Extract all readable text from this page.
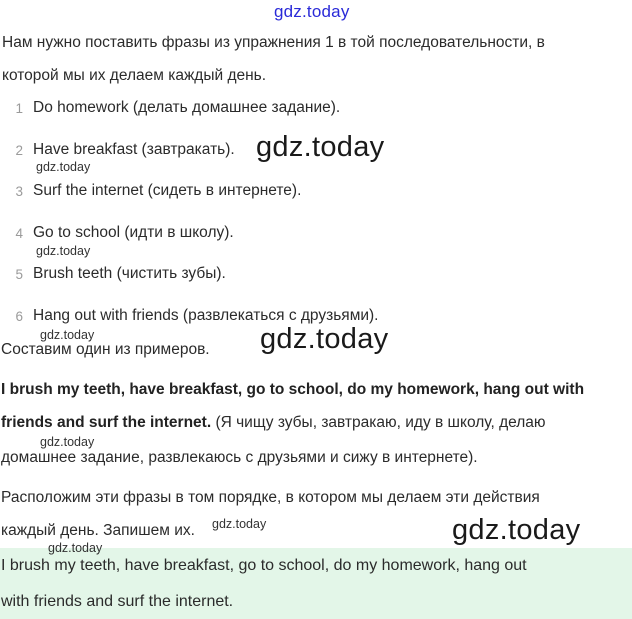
gdz.today
Нам нужно поставить фразы из упражнения 1 в той последовательности, в
которой мы их делаем каждый день.
1 Do homework (делать домашнее задание).
2 Have breakfast (завтракать).
3 Surf the internet (сидеть в интернете).
4 Go to school (идти в школу).
5 Brush teeth (чистить зубы).
6 Hang out with friends (развлекаться с друзьями).
Составим один из примеров.
I brush my teeth, have breakfast, go to school, do my homework, hang out with
friends and surf the internet. (Я чищу зубы, завтракаю, иду в школу, делаю
домашнее задание, развлекаюсь с друзьями и сижу в интернете).
Расположим эти фразы в том порядке, в котором мы делаем эти действия
каждый день. Запишем их.
I brush my teeth, have breakfast, go to school, do my homework, hang out
with friends and surf the internet.
gdz.today
gdz.today
gdz.today
gdz.today	gdz.today
gdz.today
gdz.today	gdz.today
gdz.today
